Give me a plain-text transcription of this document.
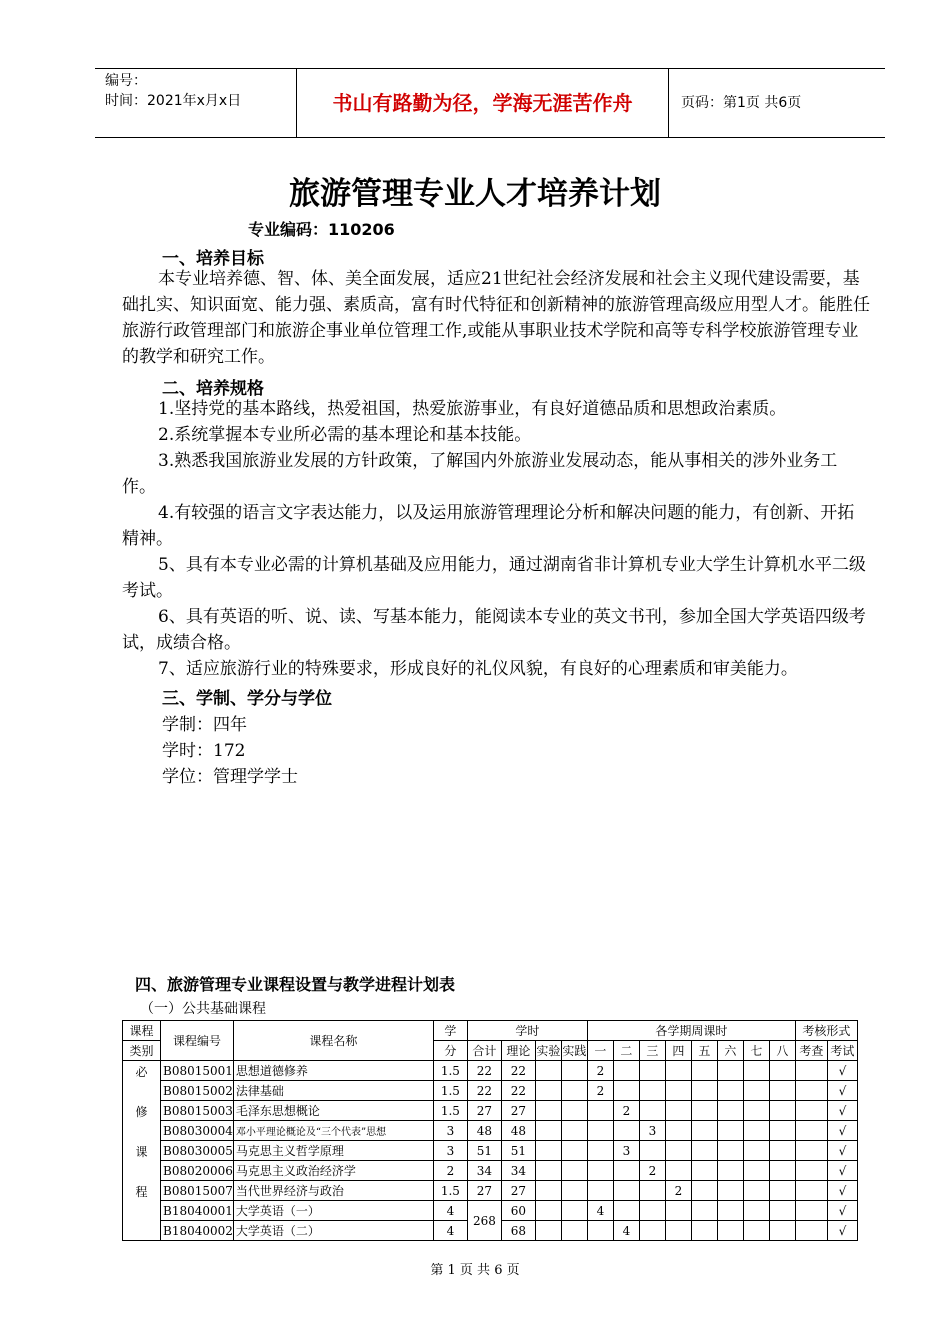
编号：
时间：2021年x月x日	书山有路勤为径，学海无涯苦作舟	页码：第1页 共6页
旅游管理专业人才培养计划
专业编码：110206
一、培养目标

本专业培养德、智、体、美全面发展，适应21世纪社会经济发展和社会主义现代建设需要，基础扎实、知识面宽、能力强、素质高，富有时代特征和创新精神的旅游管理高级应用型人才。能胜任旅游行政管理部门和旅游企事业单位管理工作,或能从事职业技术学院和高等专科学校旅游管理专业的教学和研究工作。

二、培养规格

1.坚持党的基本路线，热爱祖国，热爱旅游事业，有良好道德品质和思想政治素质。

2.系统掌握本专业所必需的基本理论和基本技能。

3.熟悉我国旅游业发展的方针政策，了解国内外旅游业发展动态，能从事相关的涉外业务工作。

4.有较强的语言文字表达能力，以及运用旅游管理理论分析和解决问题的能力，有创新、开拓精神。

5、具有本专业必需的计算机基础及应用能力，通过湖南省非计算机专业大学生计算机水平二级考试。

6、具有英语的听、说、读、写基本能力，能阅读本专业的英文书刊，参加全国大学英语四级考试，成绩合格。

7、适应旅游行业的特殊要求，形成良好的礼仪风貌，有良好的心理素质和审美能力。

三、学制、学分与学位
学制：四年
学时：172
学位：管理学学士
四、旅游管理专业课程设置与教学进程计划表
（一）公共基础课程
课程	课程编号	课程名称	学	学时				各学期周课时								考核形式	
类别			分	合计	理论	实验	实践	一	二	三	四	五	六	七	八	考查	考试

必
修
课
程	B08015001	思想道德修养	1.5	22	22			2									√
	B08015002	法律基础	1.5	22	22			2									√
	B08015003	毛泽东思想概论	1.5	27	27				2								√
	B08030004	邓小平理论概论及“三个代表”思想	3	48	48					3							√
	B08030005	马克思主义哲学原理	3	51	51				3								√
	B08020006	马克思主义政治经济学	2	34	34					2							√
	B08015007	当代世界经济与政治	1.5	27	27						2						√
	B18040001	大学英语（一）	4	268	60			4									√
	B18040002	大学英语（二）	4		68				4								√
第 1 页 共 6 页
